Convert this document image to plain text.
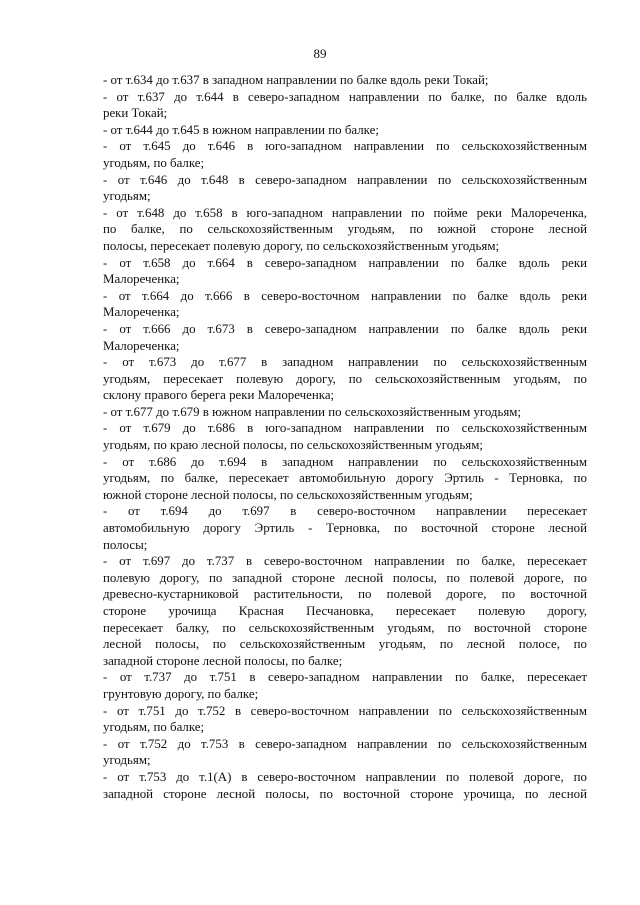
89
- от т.634 до т.637 в западном направлении по балке вдоль реки Токай;
- от т.637 до т.644 в северо-западном направлении по балке, по балке вдоль
реки Токай;
- от т.644 до т.645 в южном направлении по балке;
- от т.645 до т.646 в юго-западном направлении по сельскохозяйственным
угодьям, по балке;
- от т.646 до т.648 в северо-западном направлении по сельскохозяйственным
угодьям;
- от т.648 до т.658 в юго-западном направлении по пойме реки Малореченка,
по балке, по сельскохозяйственным угодьям, по южной стороне лесной
полосы, пересекает полевую дорогу, по сельскохозяйственным угодьям;
- от т.658 до т.664 в северо-западном направлении по балке вдоль реки
Малореченка;
- от т.664 до т.666 в северо-восточном направлении по балке вдоль реки
Малореченка;
- от т.666 до т.673 в северо-западном направлении по балке вдоль реки
Малореченка;
- от т.673 до т.677 в западном направлении по сельскохозяйственным
угодьям, пересекает полевую дорогу, по сельскохозяйственным угодьям, по
склону правого берега реки Малореченка;
- от т.677 до т.679 в южном направлении по сельскохозяйственным угодьям;
- от т.679 до т.686 в юго-западном направлении по сельскохозяйственным
угодьям, по краю лесной полосы, по сельскохозяйственным угодьям;
- от т.686 до т.694 в западном направлении по сельскохозяйственным
угодьям, по балке, пересекает автомобильную дорогу Эртиль - Терновка, по
южной стороне лесной полосы, по сельскохозяйственным угодьям;
- от т.694 до т.697 в северо-восточном направлении пересекает
автомобильную дорогу Эртиль - Терновка, по восточной стороне лесной
полосы;
- от т.697 до т.737 в северо-восточном направлении по балке, пересекает
полевую дорогу, по западной стороне лесной полосы, по полевой дороге, по
древесно-кустарниковой растительности, по полевой дороге, по восточной
стороне урочища Красная Песчановка, пересекает полевую дорогу,
пересекает балку, по сельскохозяйственным угодьям, по восточной стороне
лесной полосы, по сельскохозяйственным угодьям, по лесной полосе, по
западной стороне лесной полосы, по балке;
- от т.737 до т.751 в северо-западном направлении по балке, пересекает
грунтовую дорогу, по балке;
- от т.751 до т.752 в северо-восточном направлении по сельскохозяйственным
угодьям, по балке;
- от т.752 до т.753 в северо-западном направлении по сельскохозяйственным
угодьям;
- от т.753 до т.1(А) в северо-восточном направлении по полевой дороге, по
западной стороне лесной полосы, по восточной стороне урочища, по лесной
